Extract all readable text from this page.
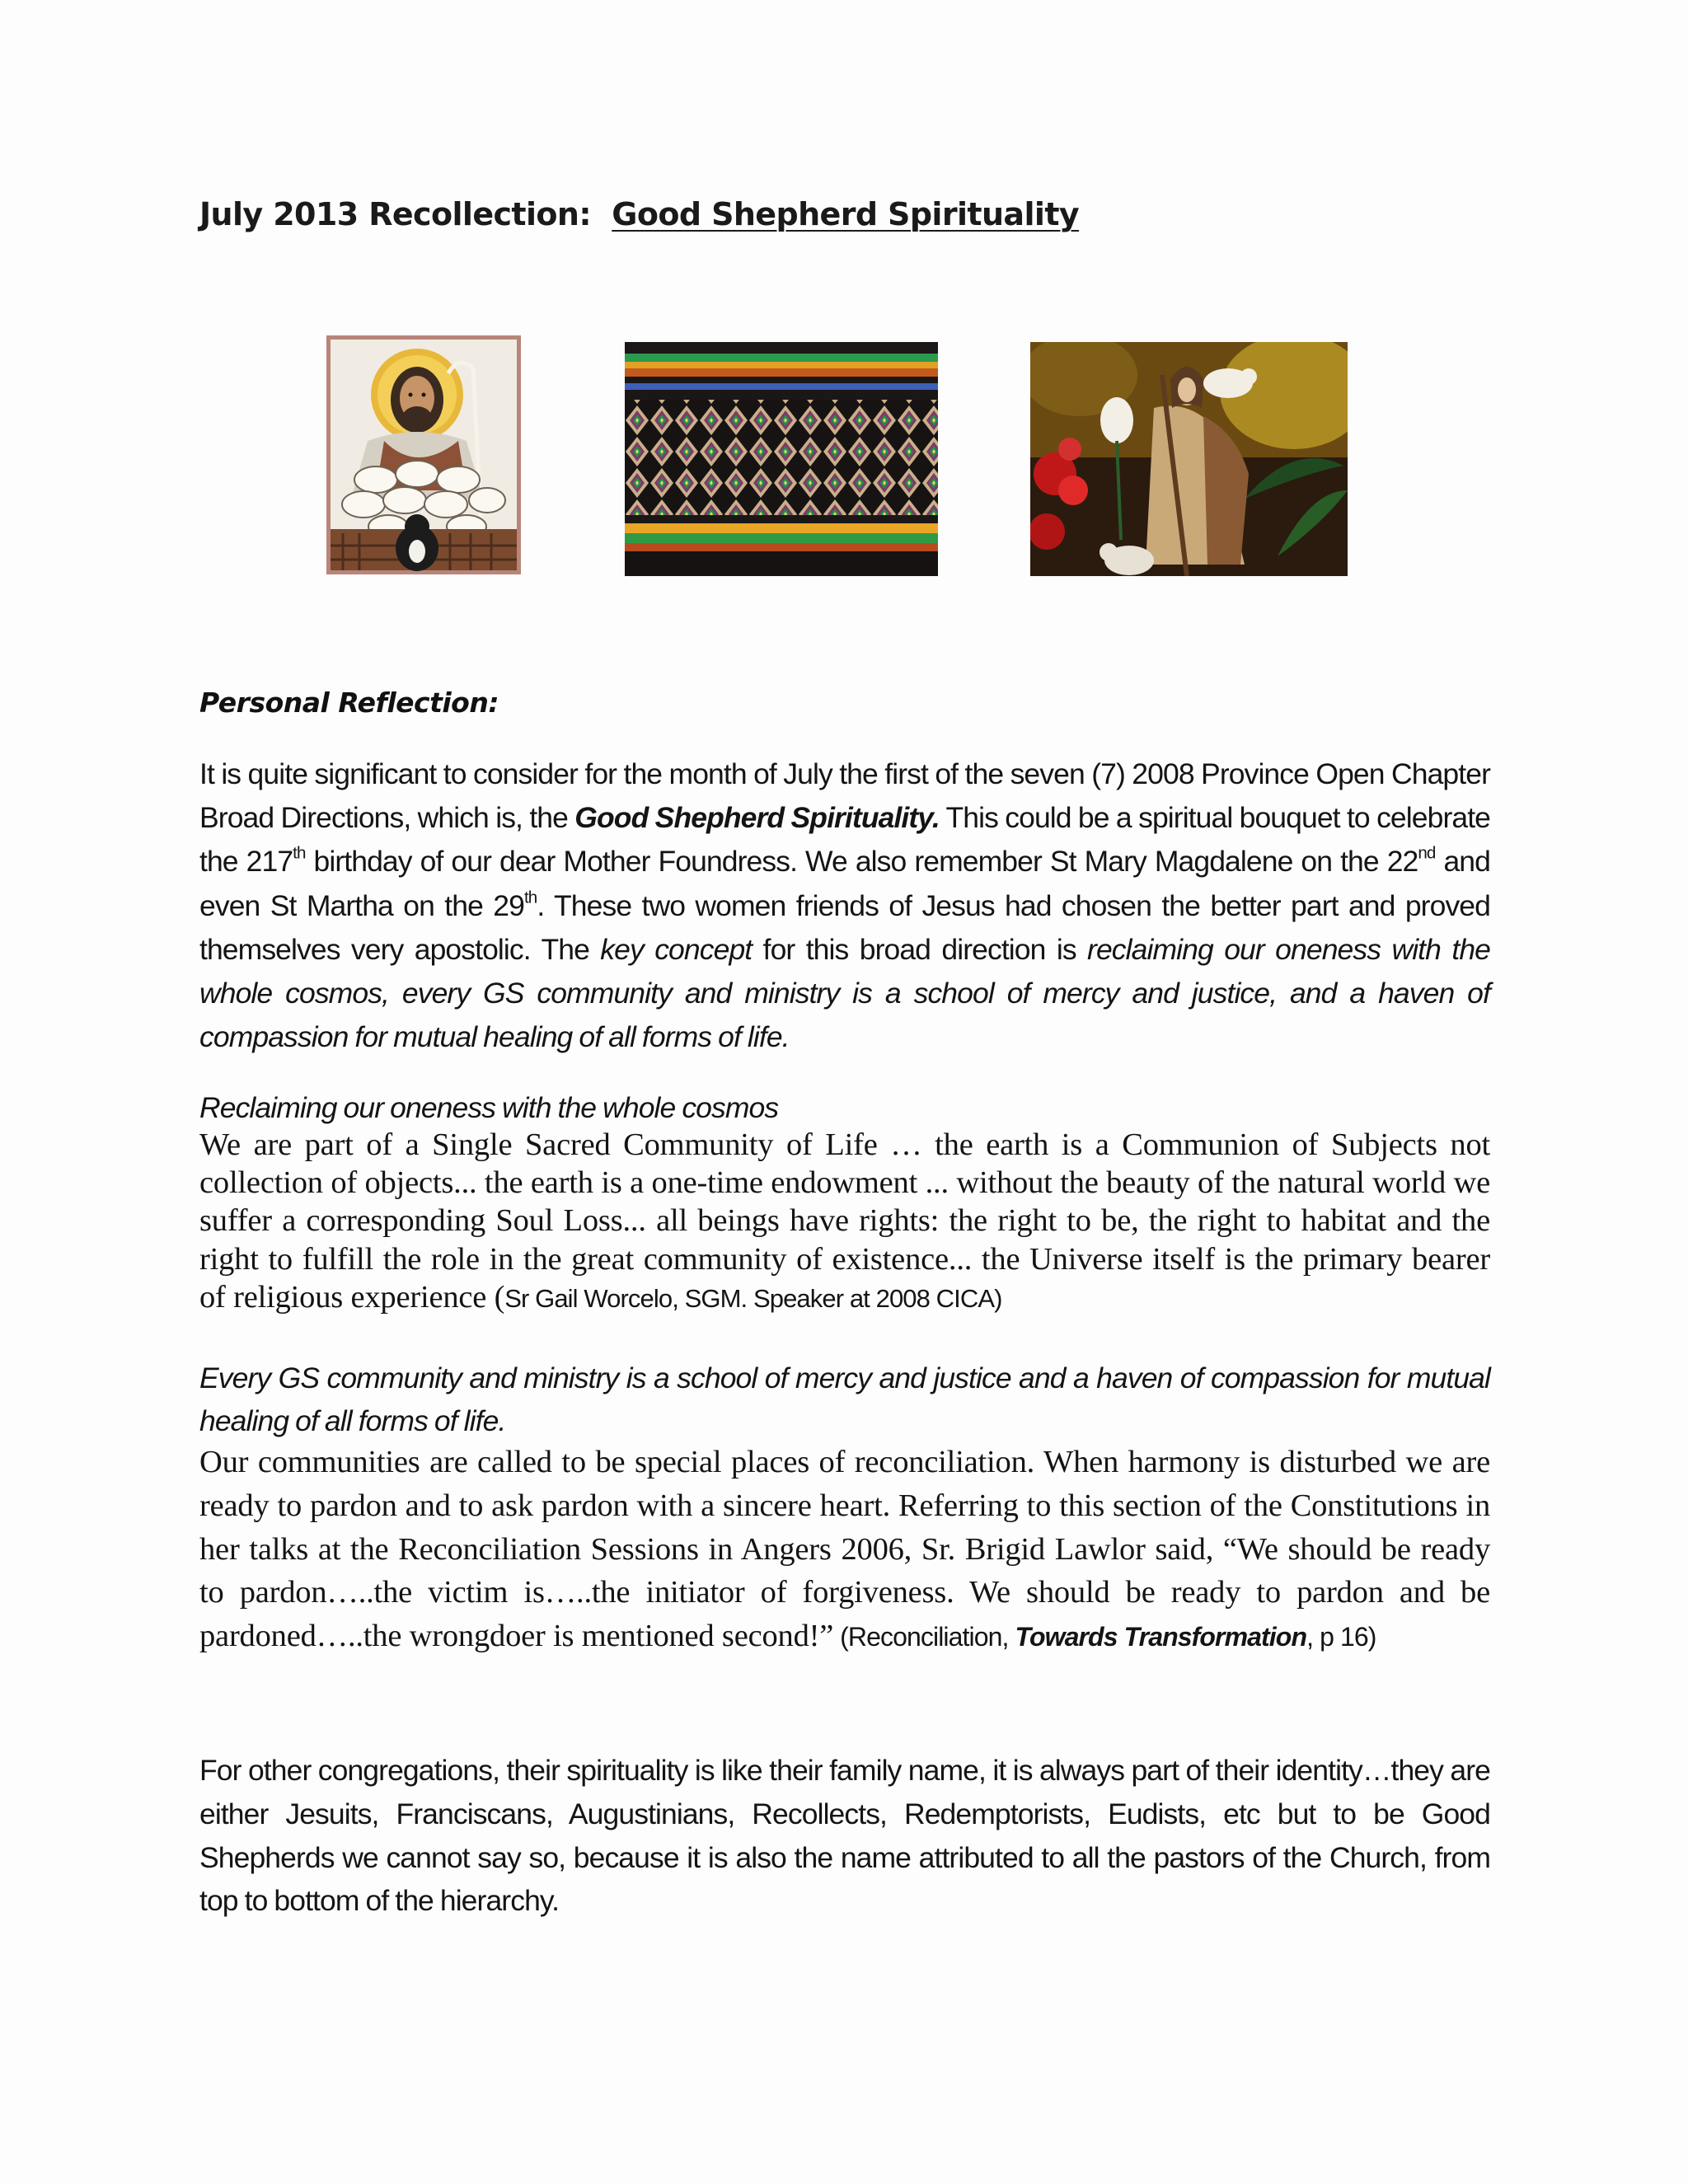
July 2013 Recollection: Good Shepherd Spirituality
Personal Reflection:

It is quite significant to consider for the month of July the first of the seven (7) 2008 Province Open Chapter Broad Directions, which is, the Good Shepherd Spirituality. This could be a spiritual bouquet to celebrate the 217th birthday of our dear Mother Foundress. We also remember St Mary Magdalene on the 22nd and even St Martha on the 29th. These two women friends of Jesus had chosen the better part and proved themselves very apostolic. The key concept for this broad direction is reclaiming our oneness with the whole cosmos, every GS community and ministry is a school of mercy and justice, and a haven of compassion for mutual healing of all forms of life.

Reclaiming our oneness with the whole cosmos

We are part of a Single Sacred Community of Life … the earth is a Communion of Subjects not collection of objects... the earth is a one-time endowment ... without the beauty of the natural world we suffer a corresponding Soul Loss... all beings have rights: the right to be, the right to habitat and the right to fulfill the role in the great community of existence... the Universe itself is the primary bearer of religious experience (Sr Gail Worcelo, SGM. Speaker at 2008 CICA)

Every GS community and ministry is a school of mercy and justice and a haven of compassion for mutual healing of all forms of life.

Our communities are called to be special places of reconciliation. When harmony is disturbed we are ready to pardon and to ask pardon with a sincere heart. Referring to this section of the Constitutions in her talks at the Reconciliation Sessions in Angers 2006, Sr. Brigid Lawlor said, “We should be ready to pardon…..the victim is…..the initiator of forgiveness. We should be ready to pardon and be pardoned…..the wrongdoer is mentioned second!” (Reconciliation, Towards Transformation, p 16)

For other congregations, their spirituality is like their family name, it is always part of their identity…they are either Jesuits, Franciscans, Augustinians, Recollects, Redemptorists, Eudists, etc but to be Good Shepherds we cannot say so, because it is also the name attributed to all the pastors of the Church, from top to bottom of the hierarchy.
